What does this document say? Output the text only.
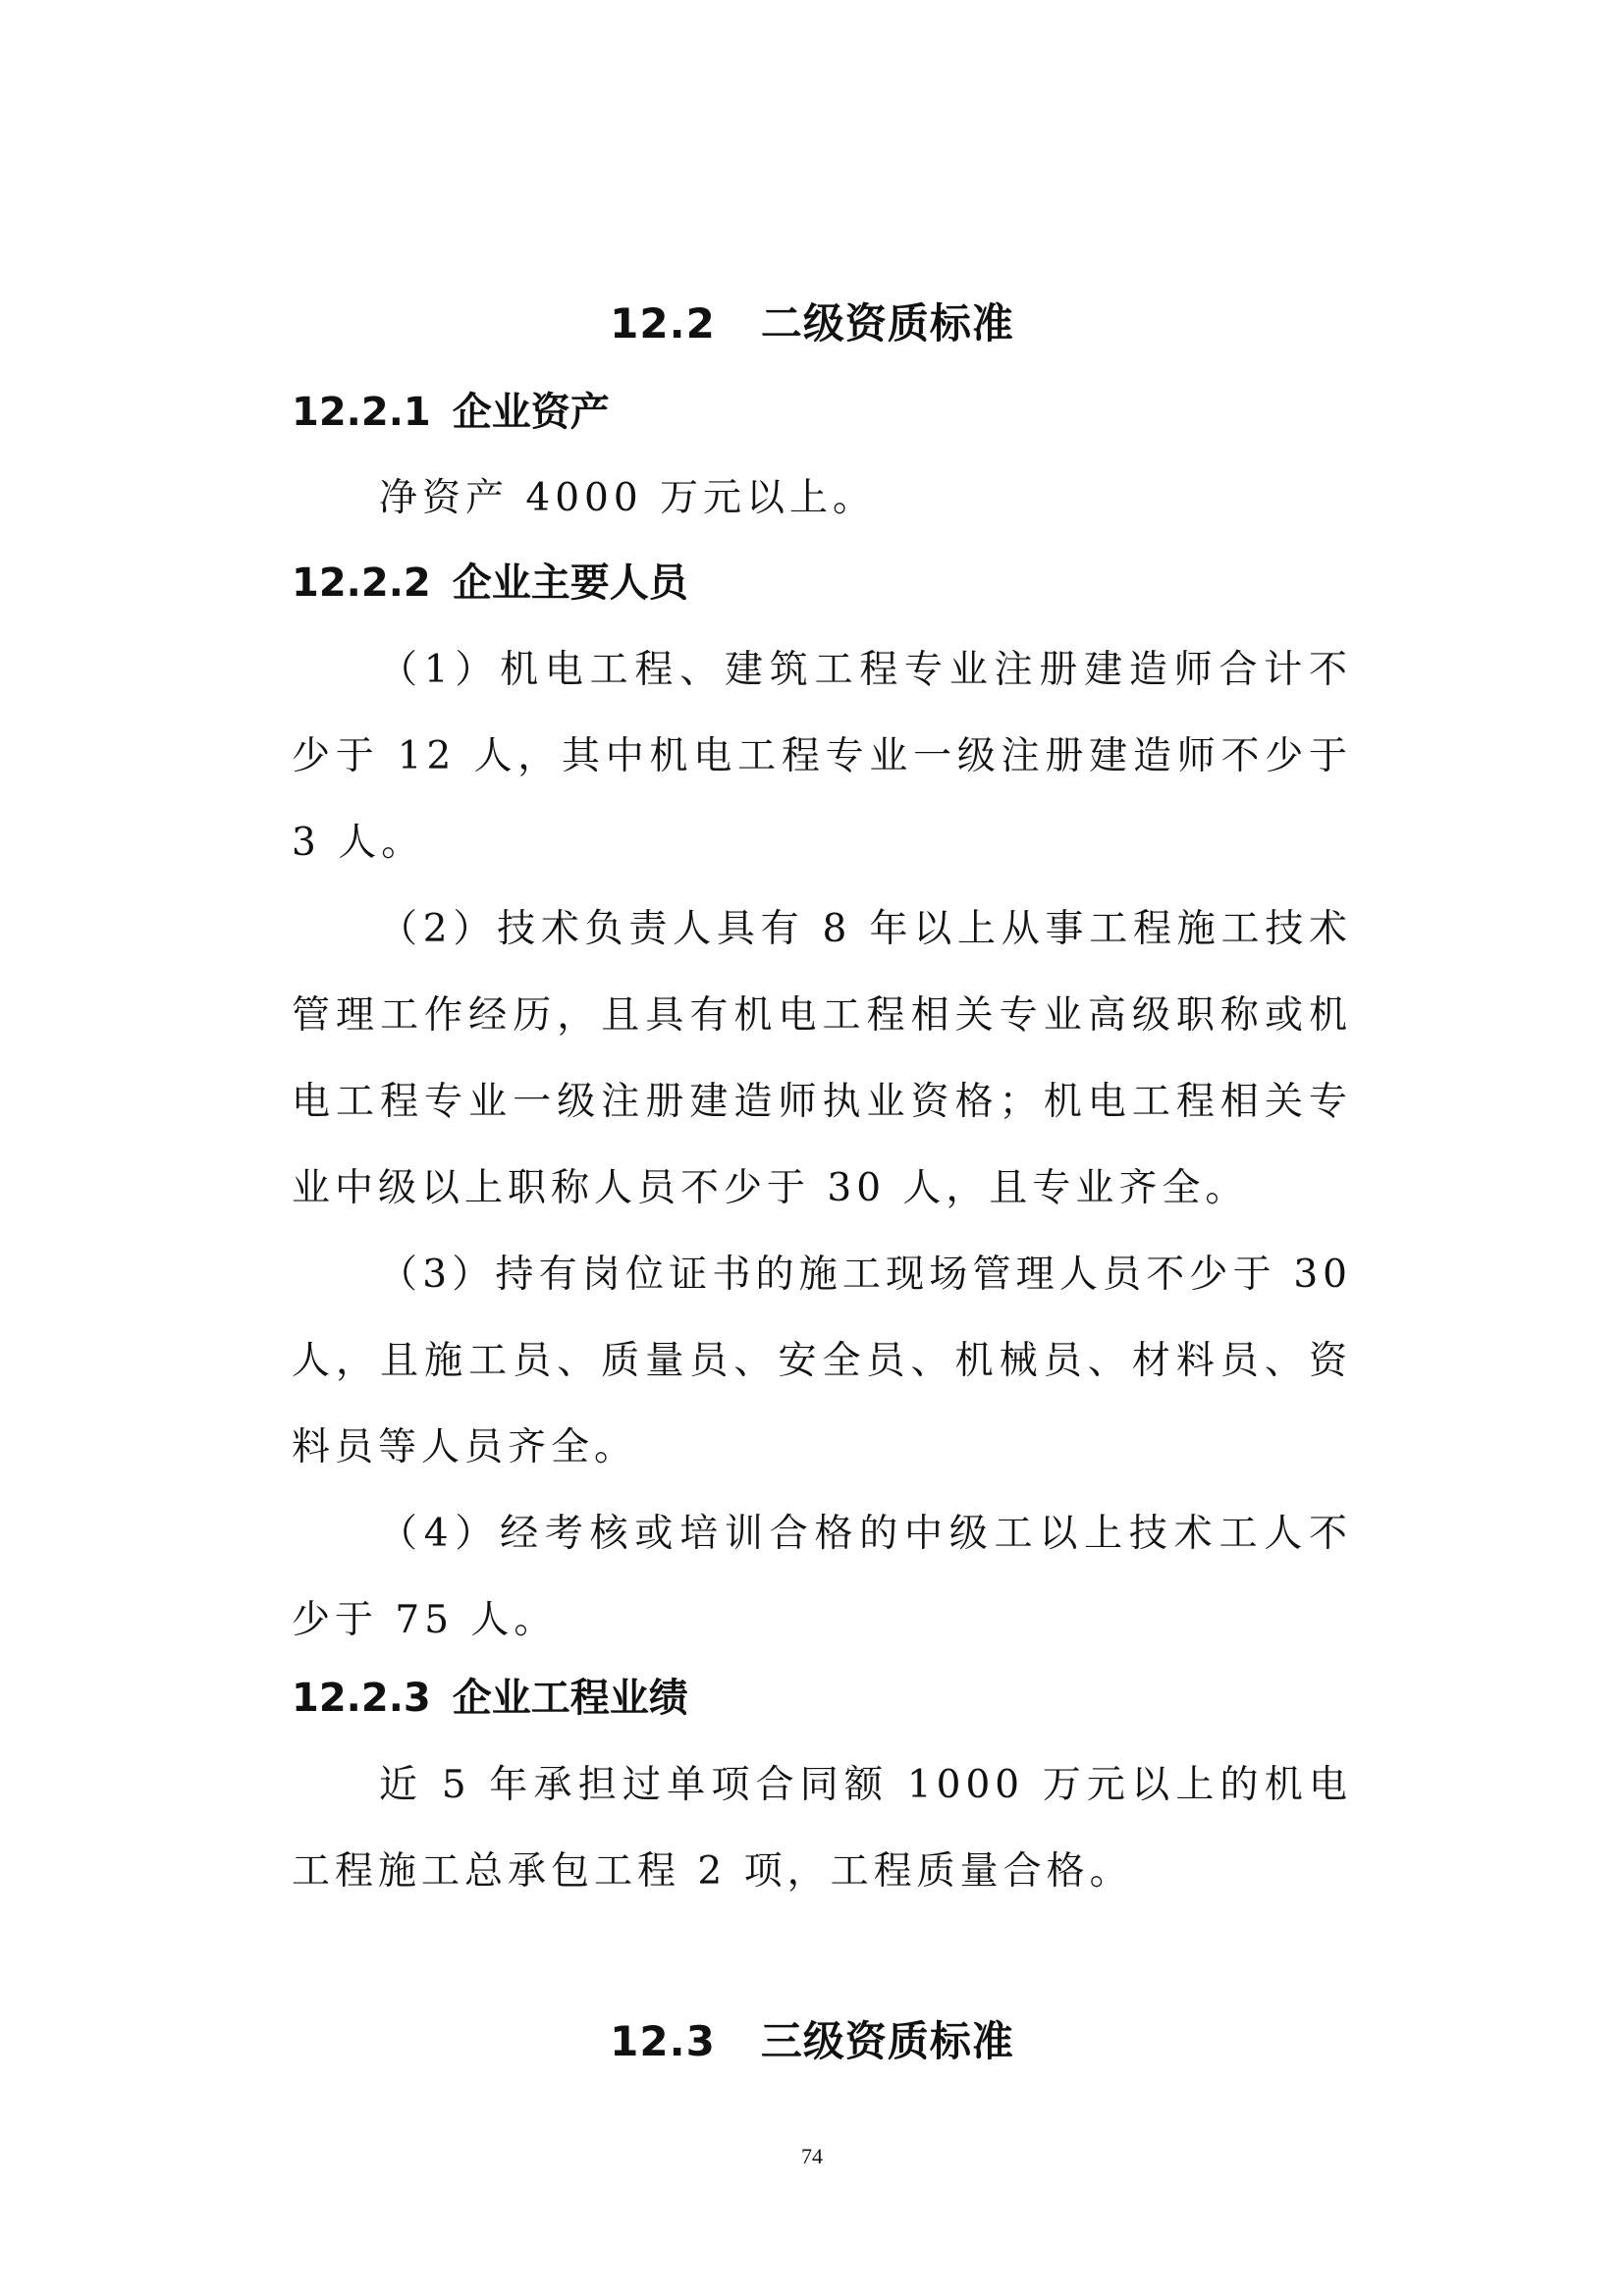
12.2 二级资质标准
12.2.1 企业资产
净资产 4000 万元以上。
12.2.2 企业主要人员
（1）机电工程、建筑工程专业注册建造师合计不少于 12 人，其中机电工程专业一级注册建造师不少于 3 人。
（2）技术负责人具有 8 年以上从事工程施工技术管理工作经历，且具有机电工程相关专业高级职称或机电工程专业一级注册建造师执业资格；机电工程相关专业中级以上职称人员不少于 30 人，且专业齐全。
（3）持有岗位证书的施工现场管理人员不少于 30 人，且施工员、质量员、安全员、机械员、材料员、资料员等人员齐全。
（4）经考核或培训合格的中级工以上技术工人不少于 75 人。
12.2.3 企业工程业绩
近 5 年承担过单项合同额 1000 万元以上的机电工程施工总承包工程 2 项，工程质量合格。
12.3 三级资质标准
74
